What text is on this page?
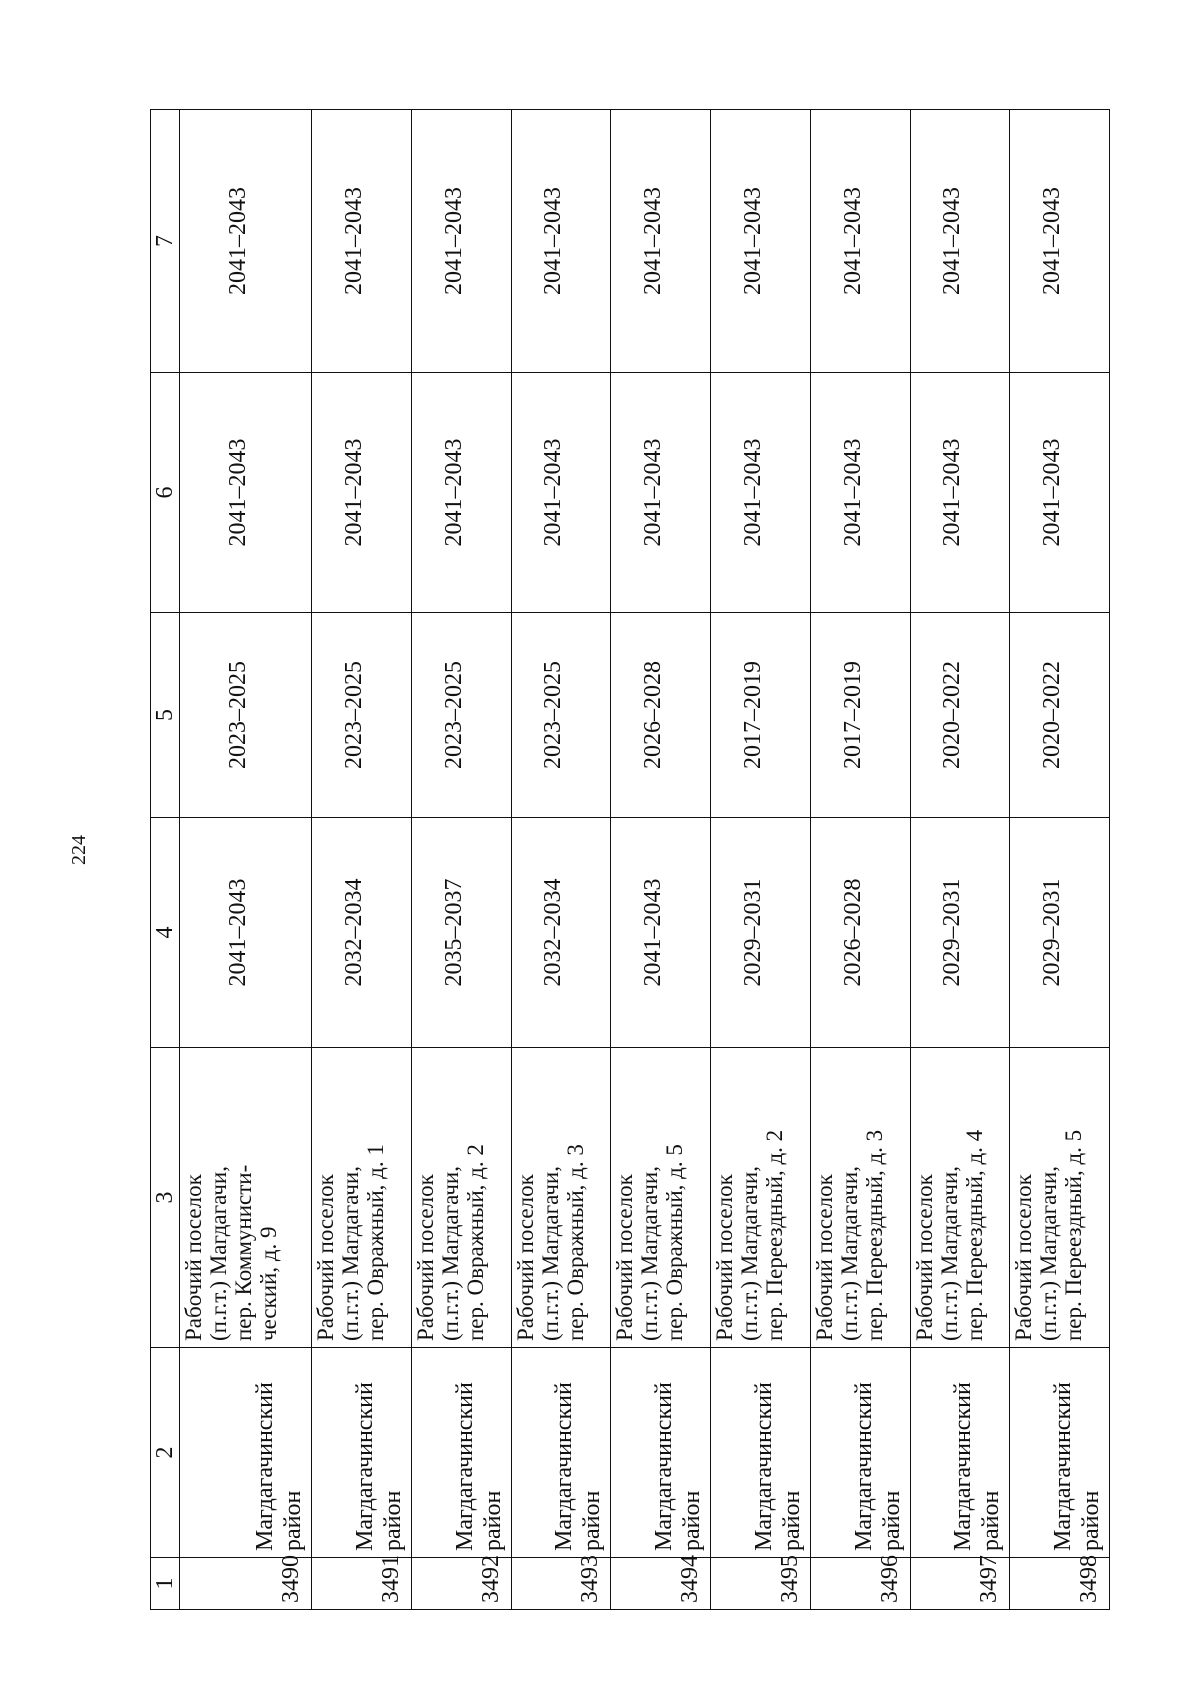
224
1	2	3	4	5	6	7
3490	Магдагачинский район	Рабочий поселок (п.г.т.) Магдагачи, пер. Коммунисти- ческий, д. 9	2041–2043	2023–2025	2041–2043	2041–2043
3491	Магдагачинский район	Рабочий поселок (п.г.т.) Магдагачи, пер. Овражный, д. 1	2032–2034	2023–2025	2041–2043	2041–2043
3492	Магдагачинский район	Рабочий поселок (п.г.т.) Магдагачи, пер. Овражный, д. 2	2035–2037	2023–2025	2041–2043	2041–2043
3493	Магдагачинский район	Рабочий поселок (п.г.т.) Магдагачи, пер. Овражный, д. 3	2032–2034	2023–2025	2041–2043	2041–2043
3494	Магдагачинский район	Рабочий поселок (п.г.т.) Магдагачи, пер. Овражный, д. 5	2041–2043	2026–2028	2041–2043	2041–2043
3495	Магдагачинский район	Рабочий поселок (п.г.т.) Магдагачи, пер. Переездный, д. 2	2029–2031	2017–2019	2041–2043	2041–2043
3496	Магдагачинский район	Рабочий поселок (п.г.т.) Магдагачи, пер. Переездный, д. 3	2026–2028	2017–2019	2041–2043	2041–2043
3497	Магдагачинский район	Рабочий поселок (п.г.т.) Магдагачи, пер. Переездный, д. 4	2029–2031	2020–2022	2041–2043	2041–2043
3498	Магдагачинский район	Рабочий поселок (п.г.т.) Магдагачи, пер. Переездный, д. 5	2029–2031	2020–2022	2041–2043	2041–2043
